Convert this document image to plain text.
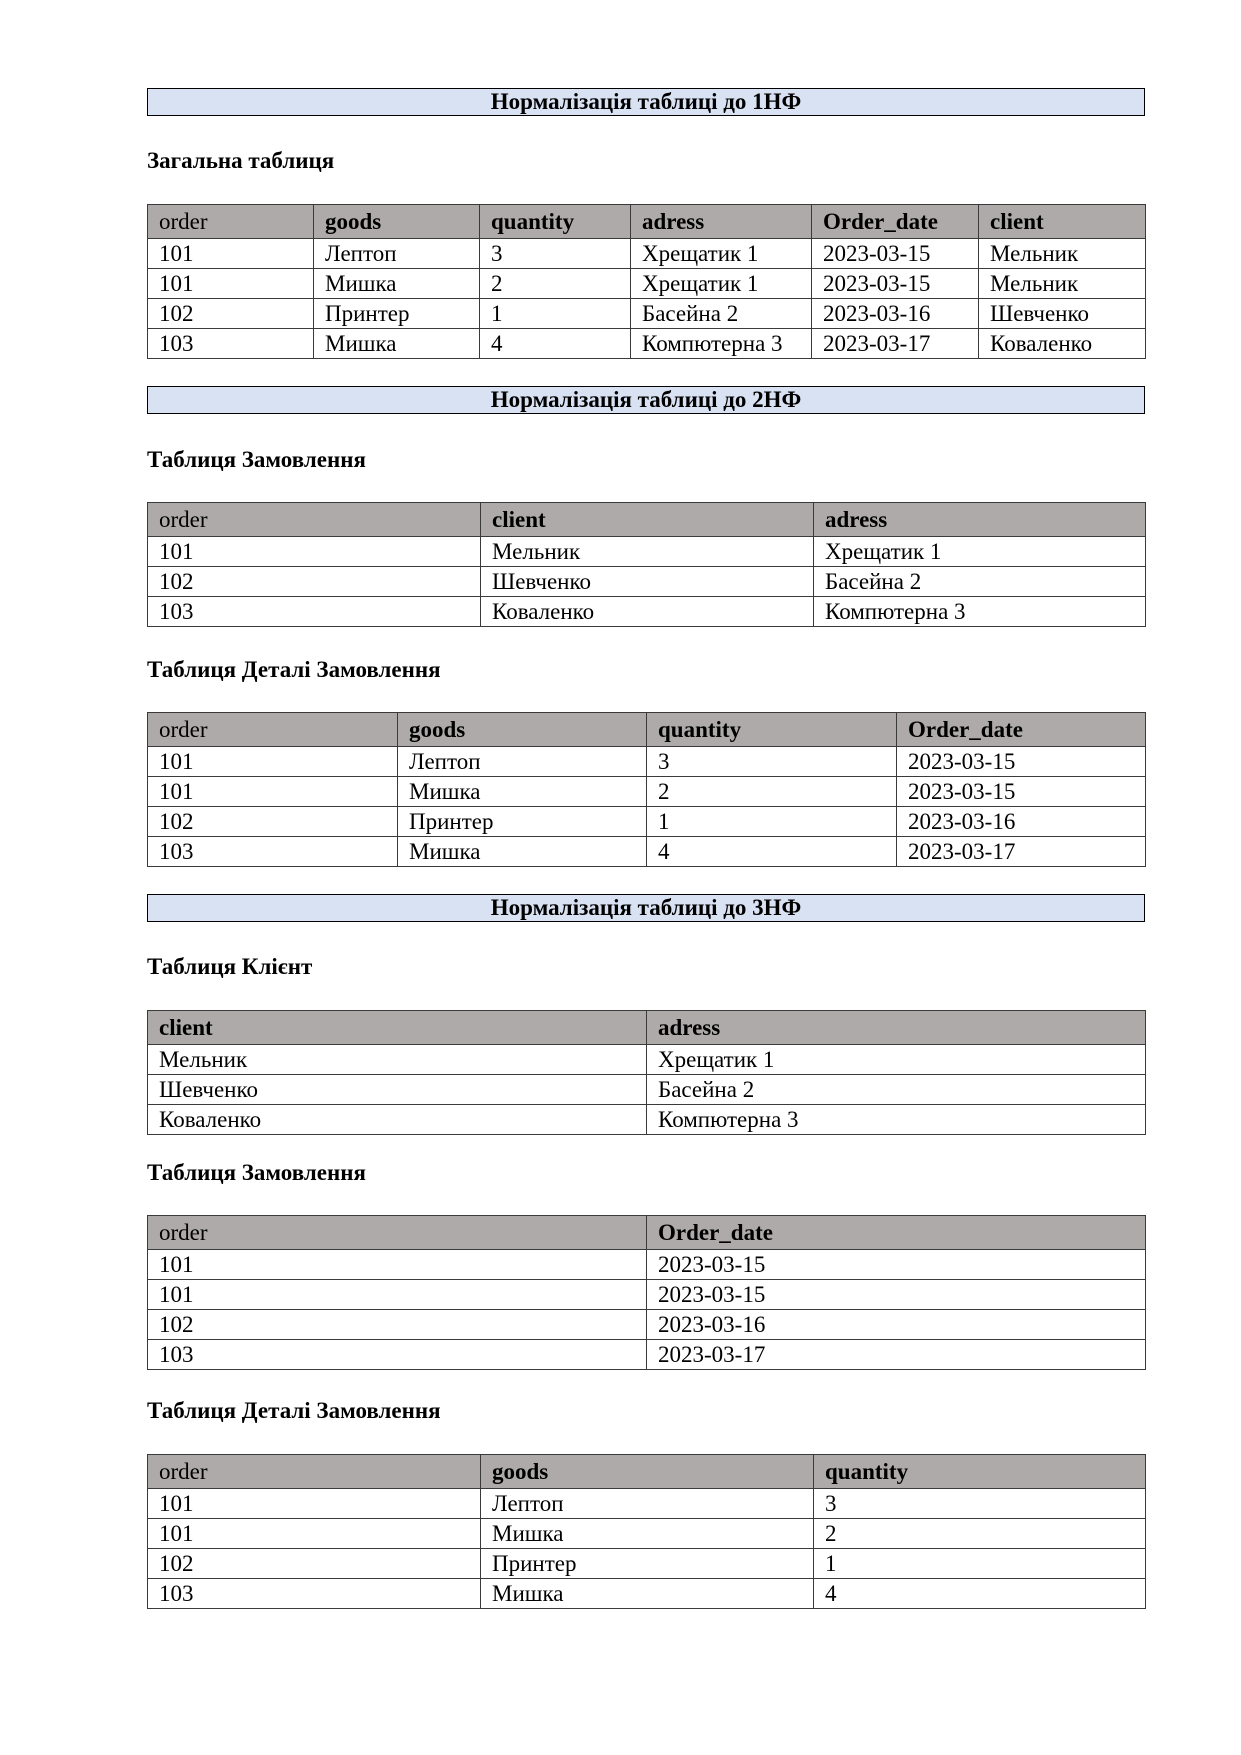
Нормалізація таблиці до 1НФ
Загальна таблиця
order	goods	quantity	adress	Order_date	client
101	Лептоп	3	Хрещатик 1	2023-03-15	Мельник
101	Мишка	2	Хрещатик 1	2023-03-15	Мельник
102	Принтер	1	Басейна 2	2023-03-16	Шевченко
103	Мишка	4	Компютерна 3	2023-03-17	Коваленко
Нормалізація таблиці до 2НФ
Таблиця Замовлення
order	client	adress
101	Мельник	Хрещатик 1
102	Шевченко	Басейна 2
103	Коваленко	Компютерна 3
Таблиця Деталі Замовлення
order	goods	quantity	Order_date
101	Лептоп	3	2023-03-15
101	Мишка	2	2023-03-15
102	Принтер	1	2023-03-16
103	Мишка	4	2023-03-17
Нормалізація таблиці до 3НФ
Таблиця Клієнт
client	adress
Мельник	Хрещатик 1
Шевченко	Басейна 2
Коваленко	Компютерна 3
Таблиця Замовлення
order	Order_date
101	2023-03-15
101	2023-03-15
102	2023-03-16
103	2023-03-17
Таблиця Деталі Замовлення
order	goods	quantity
101	Лептоп	3
101	Мишка	2
102	Принтер	1
103	Мишка	4
